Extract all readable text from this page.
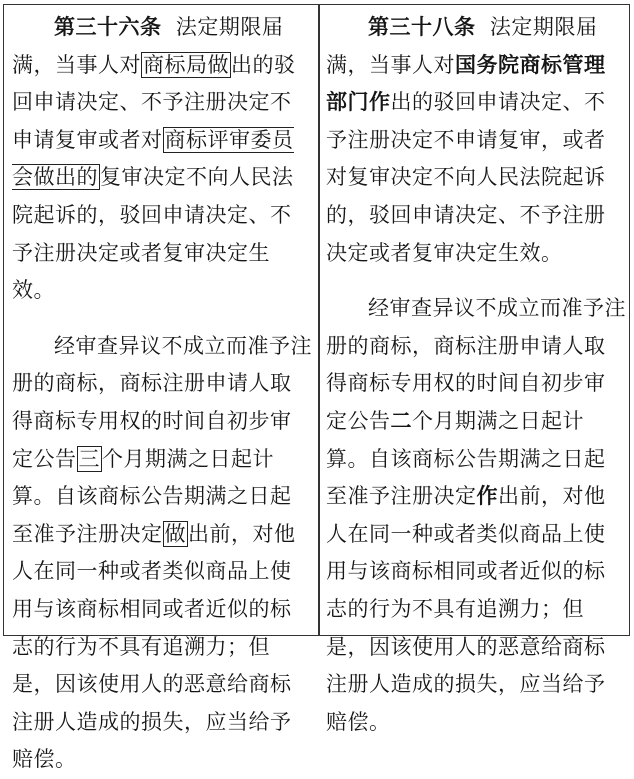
第三十六条 法定期限届满，当事人对商标局做出的驳回申请决定、不予注册决定不申请复审或者对商标评审委员会做出的复审决定不向人民法院起诉的，驳回申请决定、不予注册决定或者复审决定生效。

经审查异议不成立而准予注册的商标，商标注册申请人取得商标专用权的时间自初步审定公告三个月期满之日起计算。自该商标公告期满之日起至准予注册决定做出前，对他人在同一种或者类似商品上使用与该商标相同或者近似的标志的行为不具有追溯力；但是，因该使用人的恶意给商标注册人造成的损失，应当给予赔偿。

第三十八条 法定期限届满，当事人对国务院商标管理部门作出的驳回申请决定、不予注册决定不申请复审，或者对复审决定不向人民法院起诉的，驳回申请决定、不予注册决定或者复审决定生效。

经审查异议不成立而准予注册的商标，商标注册申请人取得商标专用权的时间自初步审定公告二个月期满之日起计算。自该商标公告期满之日起至准予注册决定作出前，对他人在同一种或者类似商品上使用与该商标相同或者近似的标志的行为不具有追溯力；但是，因该使用人的恶意给商标注册人造成的损失，应当给予赔偿。
